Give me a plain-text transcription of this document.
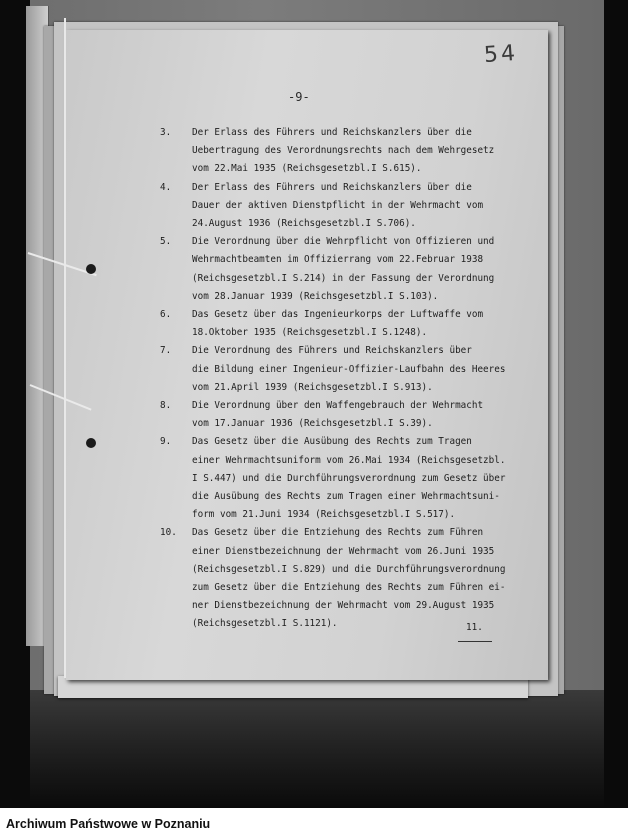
54
-9-
3. Der Erlass des Führers und Reichskanzlers über die
Uebertragung des Verordnungsrechts nach dem Wehrgesetz
vom 22.Mai 1935 (Reichsgesetzbl.I S.615).
4. Der Erlass des Führers und Reichskanzlers über die
Dauer der aktiven Dienstpflicht in der Wehrmacht vom
24.August 1936 (Reichsgesetzbl.I S.706).
5. Die Verordnung über die Wehrpflicht von Offizieren und
Wehrmachtbeamten im Offizierrang vom 22.Februar 1938
(Reichsgesetzbl.I S.214) in der Fassung der Verordnung
vom 28.Januar 1939 (Reichsgesetzbl.I S.103).
6. Das Gesetz über das Ingenieurkorps der Luftwaffe vom
18.Oktober 1935 (Reichsgesetzbl.I S.1248).
7. Die Verordnung des Führers und Reichskanzlers über
die Bildung einer Ingenieur-Offizier-Laufbahn des Heeres
vom 21.April 1939 (Reichsgesetzbl.I S.913).
8. Die Verordnung über den Waffengebrauch der Wehrmacht
vom 17.Januar 1936 (Reichsgesetzbl.I S.39).
9. Das Gesetz über die Ausübung des Rechts zum Tragen
einer Wehrmachtsuniform vom 26.Mai 1934 (Reichsgesetzbl.
I S.447) und die Durchführungsverordnung zum Gesetz über
die Ausübung des Rechts zum Tragen einer Wehrmachtsuni-
form vom 21.Juni 1934 (Reichsgesetzbl.I S.517).
10. Das Gesetz über die Entziehung des Rechts zum Führen
einer Dienstbezeichnung der Wehrmacht vom 26.Juni 1935
(Reichsgesetzbl.I S.829) und die Durchführungsverordnung
zum Gesetz über die Entziehung des Rechts zum Führen ei-
ner Dienstbezeichnung der Wehrmacht vom 29.August 1935
(Reichsgesetzbl.I S.1121).	11.
Archiwum Państwowe w Poznaniu
